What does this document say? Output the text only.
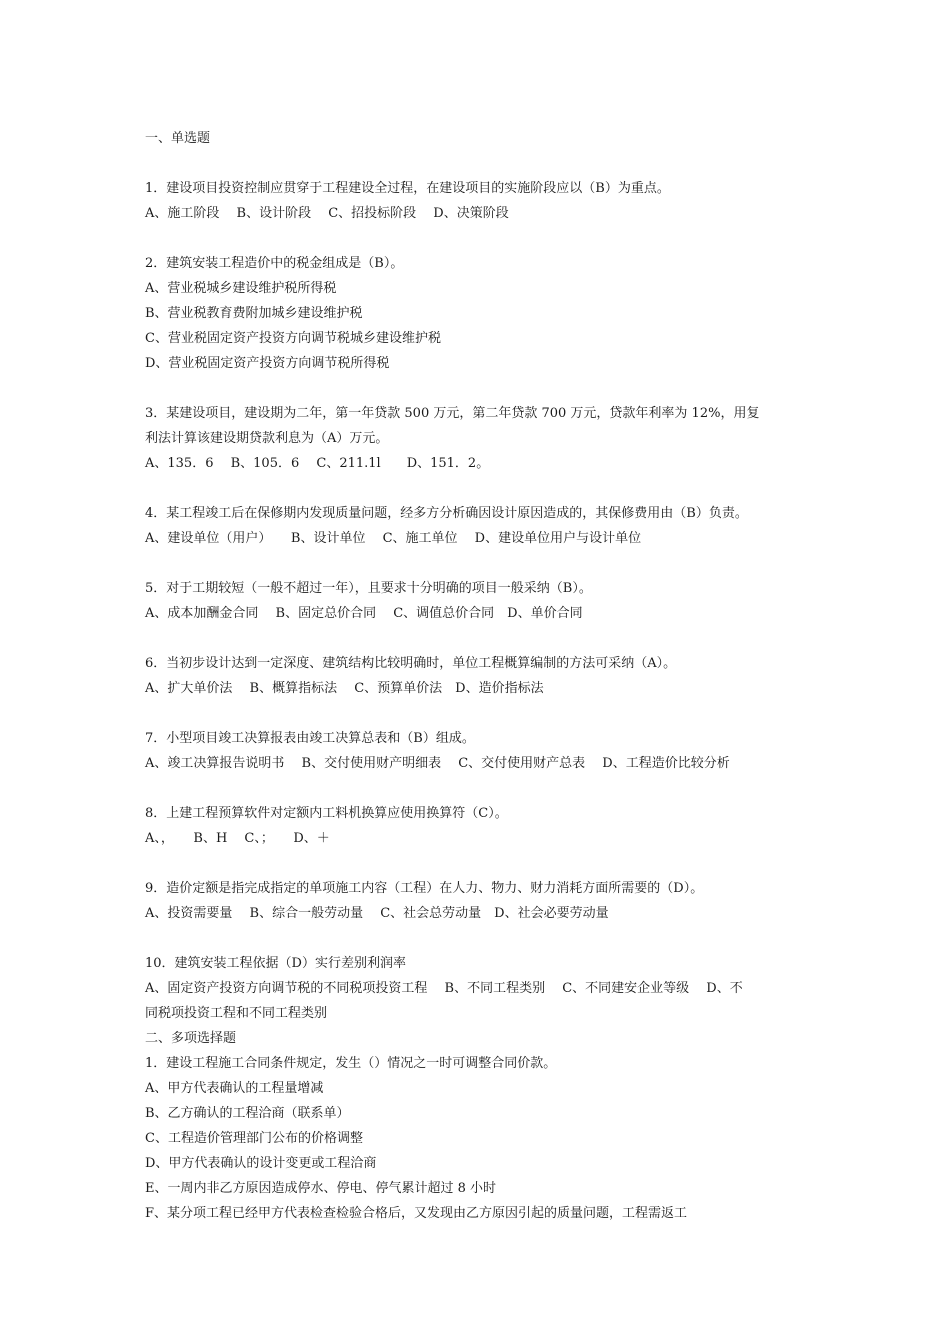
一、单选题
1．建设项目投资控制应贯穿于工程建设全过程，在建设项目的实施阶段应以（B）为重点。
A、施工阶段　 B、设计阶段　 C、招投标阶段　 D、决策阶段
2．建筑安装工程造价中的税金组成是（B）。
A、营业税城乡建设维护税所得税
B、营业税教育费附加城乡建设维护税
C、营业税固定资产投资方向调节税城乡建设维护税
D、营业税固定资产投资方向调节税所得税
3．某建设项目，建设期为二年，第一年贷款 500 万元，第二年贷款 700 万元，贷款年利率为 12%，用复
利法计算该建设期贷款利息为（A）万元。
A、135．6　 B、105．6　 C、211.1l　　D、151．2。
4．某工程竣工后在保修期内发现质量问题，经多方分析确因设计原因造成的，其保修费用由（B）负责。
A、建设单位（用户）　　B、设计单位　 C、施工单位　 D、建设单位用户与设计单位
5．对于工期较短（一般不超过一年），且要求十分明确的项目一般采纳（B）。
A、成本加酬金合同　 B、固定总价合同　 C、调值总价合同　D、单价合同
6．当初步设计达到一定深度、建筑结构比较明确时，单位工程概算编制的方法可采纳（A）。
A、扩大单价法　 B、概算指标法　 C、预算单价法　D、造价指标法
7．小型项目竣工决算报表由竣工决算总表和（B）组成。
A、竣工决算报告说明书　 B、交付使用财产明细表　 C、交付使用财产总表　 D、工程造价比较分析
8．上建工程预算软件对定额内工料机换算应使用换算符（C）。
A、，　　B、H　 C、；　　D、＋
9．造价定额是指完成指定的单项施工内容（工程）在人力、物力、财力消耗方面所需要的（D）。
A、投资需要量　 B、综合一般劳动量　 C、社会总劳动量　D、社会必要劳动量
10．建筑安装工程依据（D）实行差别利润率
A、固定资产投资方向调节税的不同税项投资工程　 B、不同工程类别　 C、不同建安企业等级　 D、不
同税项投资工程和不同工程类别
二、多项选择题
1．建设工程施工合同条件规定，发生（）情况之一时可调整合同价款。
A、甲方代表确认的工程量增减
B、乙方确认的工程洽商（联系单）
C、工程造价管理部门公布的价格调整
D、甲方代表确认的设计变更或工程洽商
E、一周内非乙方原因造成停水、停电、停气累计超过 8 小时
F、某分项工程已经甲方代表检查检验合格后，又发现由乙方原因引起的质量问题，工程需返工
